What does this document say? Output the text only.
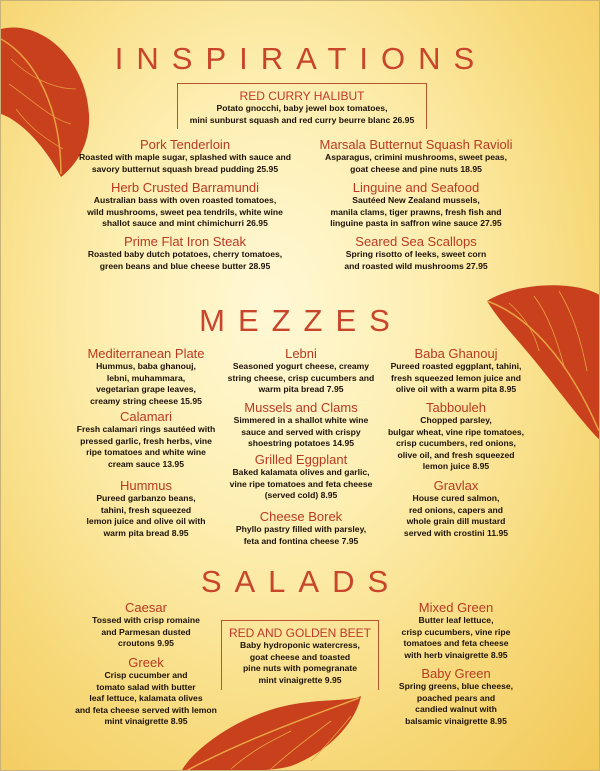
INSPIRATIONS
RED CURRY HALIBUT
Potato gnocchi, baby jewel box tomatoes,
mini sunburst squash and red curry beurre blanc 26.95
Pork Tenderloin
Roasted with maple sugar, splashed with sauce and
savory butternut squash bread pudding 25.95
Marsala Butternut Squash Ravioli
Asparagus, crimini mushrooms, sweet peas,
goat cheese and pine nuts 18.95
Herb Crusted Barramundi
Australian bass with oven roasted tomatoes,
wild mushrooms, sweet pea tendrils, white wine
shallot sauce and mint chimichurri 26.95
Linguine and Seafood
Sautéed New Zealand mussels,
manila clams, tiger prawns, fresh fish and
linguine pasta in saffron wine sauce 27.95
Prime Flat Iron Steak
Roasted baby dutch potatoes, cherry tomatoes,
green beans and blue cheese butter 28.95
Seared Sea Scallops
Spring risotto of leeks, sweet corn
and roasted wild mushrooms 27.95
MEZZES
Mediterranean Plate
Hummus, baba ghanouj,
lebni, muhammara,
vegetarian grape leaves,
creamy string cheese 15.95
Lebni
Seasoned yogurt cheese, creamy
string cheese, crisp cucumbers and
warm pita bread 7.95
Baba Ghanouj
Pureed roasted eggplant, tahini,
fresh squeezed lemon juice and
olive oil with a warm pita 8.95
Calamari
Fresh calamari rings sautéed with
pressed garlic, fresh herbs, vine
ripe tomatoes and white wine
cream sauce 13.95
Mussels and Clams
Simmered in a shallot white wine
sauce and served with crispy
shoestring potatoes 14.95
Tabbouleh
Chopped parsley,
bulgar wheat, vine ripe tomatoes,
crisp cucumbers, red onions,
olive oil, and fresh squeezed
lemon juice 8.95
Grilled Eggplant
Baked kalamata olives and garlic,
vine ripe tomatoes and feta cheese
(served cold) 8.95
Hummus
Pureed garbanzo beans,
tahini, fresh squeezed
lemon juice and olive oil with
warm pita bread 8.95
Gravlax
House cured salmon,
red onions, capers and
whole grain dill mustard
served with crostini 11.95
Cheese Borek
Phyllo pastry filled with parsley,
feta and fontina cheese 7.95
SALADS
RED AND GOLDEN BEET
Baby hydroponic watercress,
goat cheese and toasted
pine nuts with pomegranate
mint vinaigrette 9.95
Caesar
Tossed with crisp romaine
and Parmesan dusted
croutons 9.95
Mixed Green
Butter leaf lettuce,
crisp cucumbers, vine ripe
tomatoes and feta cheese
with herb vinaigrette 8.95
Greek
Crisp cucumber and
tomato salad with butter
leaf lettuce, kalamata olives
and feta cheese served with lemon
mint vinaigrette 8.95
Baby Green
Spring greens, blue cheese,
poached pears and
candied walnut with
balsamic vinaigrette 8.95
